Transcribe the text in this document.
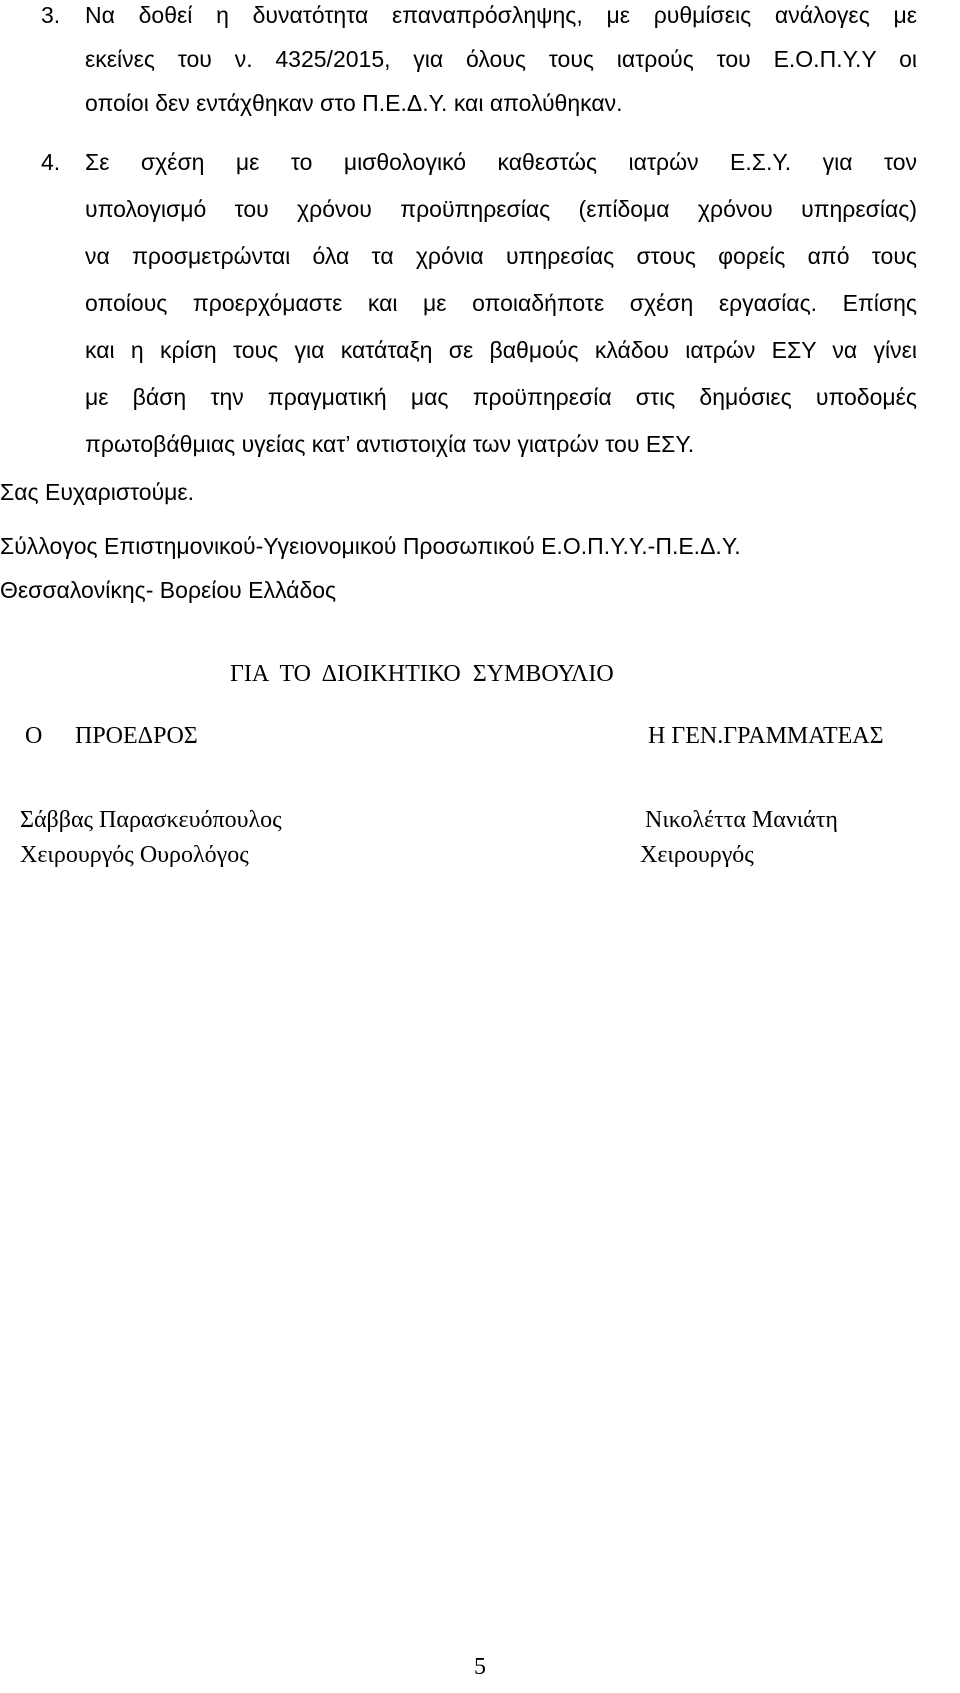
3. Να δοθεί η δυνατότητα επαναπρόσληψης, με ρυθμίσεις ανάλογες με
εκείνες του ν. 4325/2015, για όλους τους ιατρούς του Ε.Ο.Π.Υ.Υ οι
οποίοι δεν εντάχθηκαν στο Π.Ε.Δ.Υ. και απολύθηκαν.
4. Σε σχέση με το μισθολογικό καθεστώς ιατρών Ε.Σ.Υ. για τον
υπολογισμό του χρόνου προϋπηρεσίας (επίδομα χρόνου υπηρεσίας)
να προσμετρώνται όλα τα χρόνια υπηρεσίας στους φορείς από τους
οποίους προερχόμαστε και με οποιαδήποτε σχέση εργασίας. Επίσης
και η κρίση τους για κατάταξη σε βαθμούς κλάδου ιατρών ΕΣΥ να γίνει
με βάση την πραγματική μας προϋπηρεσία στις δημόσιες υποδομές
πρωτοβάθμιας υγείας κατ’ αντιστοιχία των γιατρών του ΕΣΥ.
Σας Ευχαριστούμε.
Σύλλογος Επιστημονικού-Υγειονομικού Προσωπικού Ε.Ο.Π.Υ.Υ.-Π.Ε.Δ.Υ.
Θεσσαλονίκης- Βορείου Ελλάδος
ΓΙΑ ΤΟ ΔΙΟΙΚΗΤΙΚΟ ΣΥΜΒΟΥΛΙΟ
Ο ΠΡΟΕΔΡΟΣ	Η ΓΕΝ.ΓΡΑΜΜΑΤΕΑΣ
Σάββας Παρασκευόπουλος
Χειρουργός Ουρολόγος
Νικολέττα Μανιάτη
Χειρουργός
5
